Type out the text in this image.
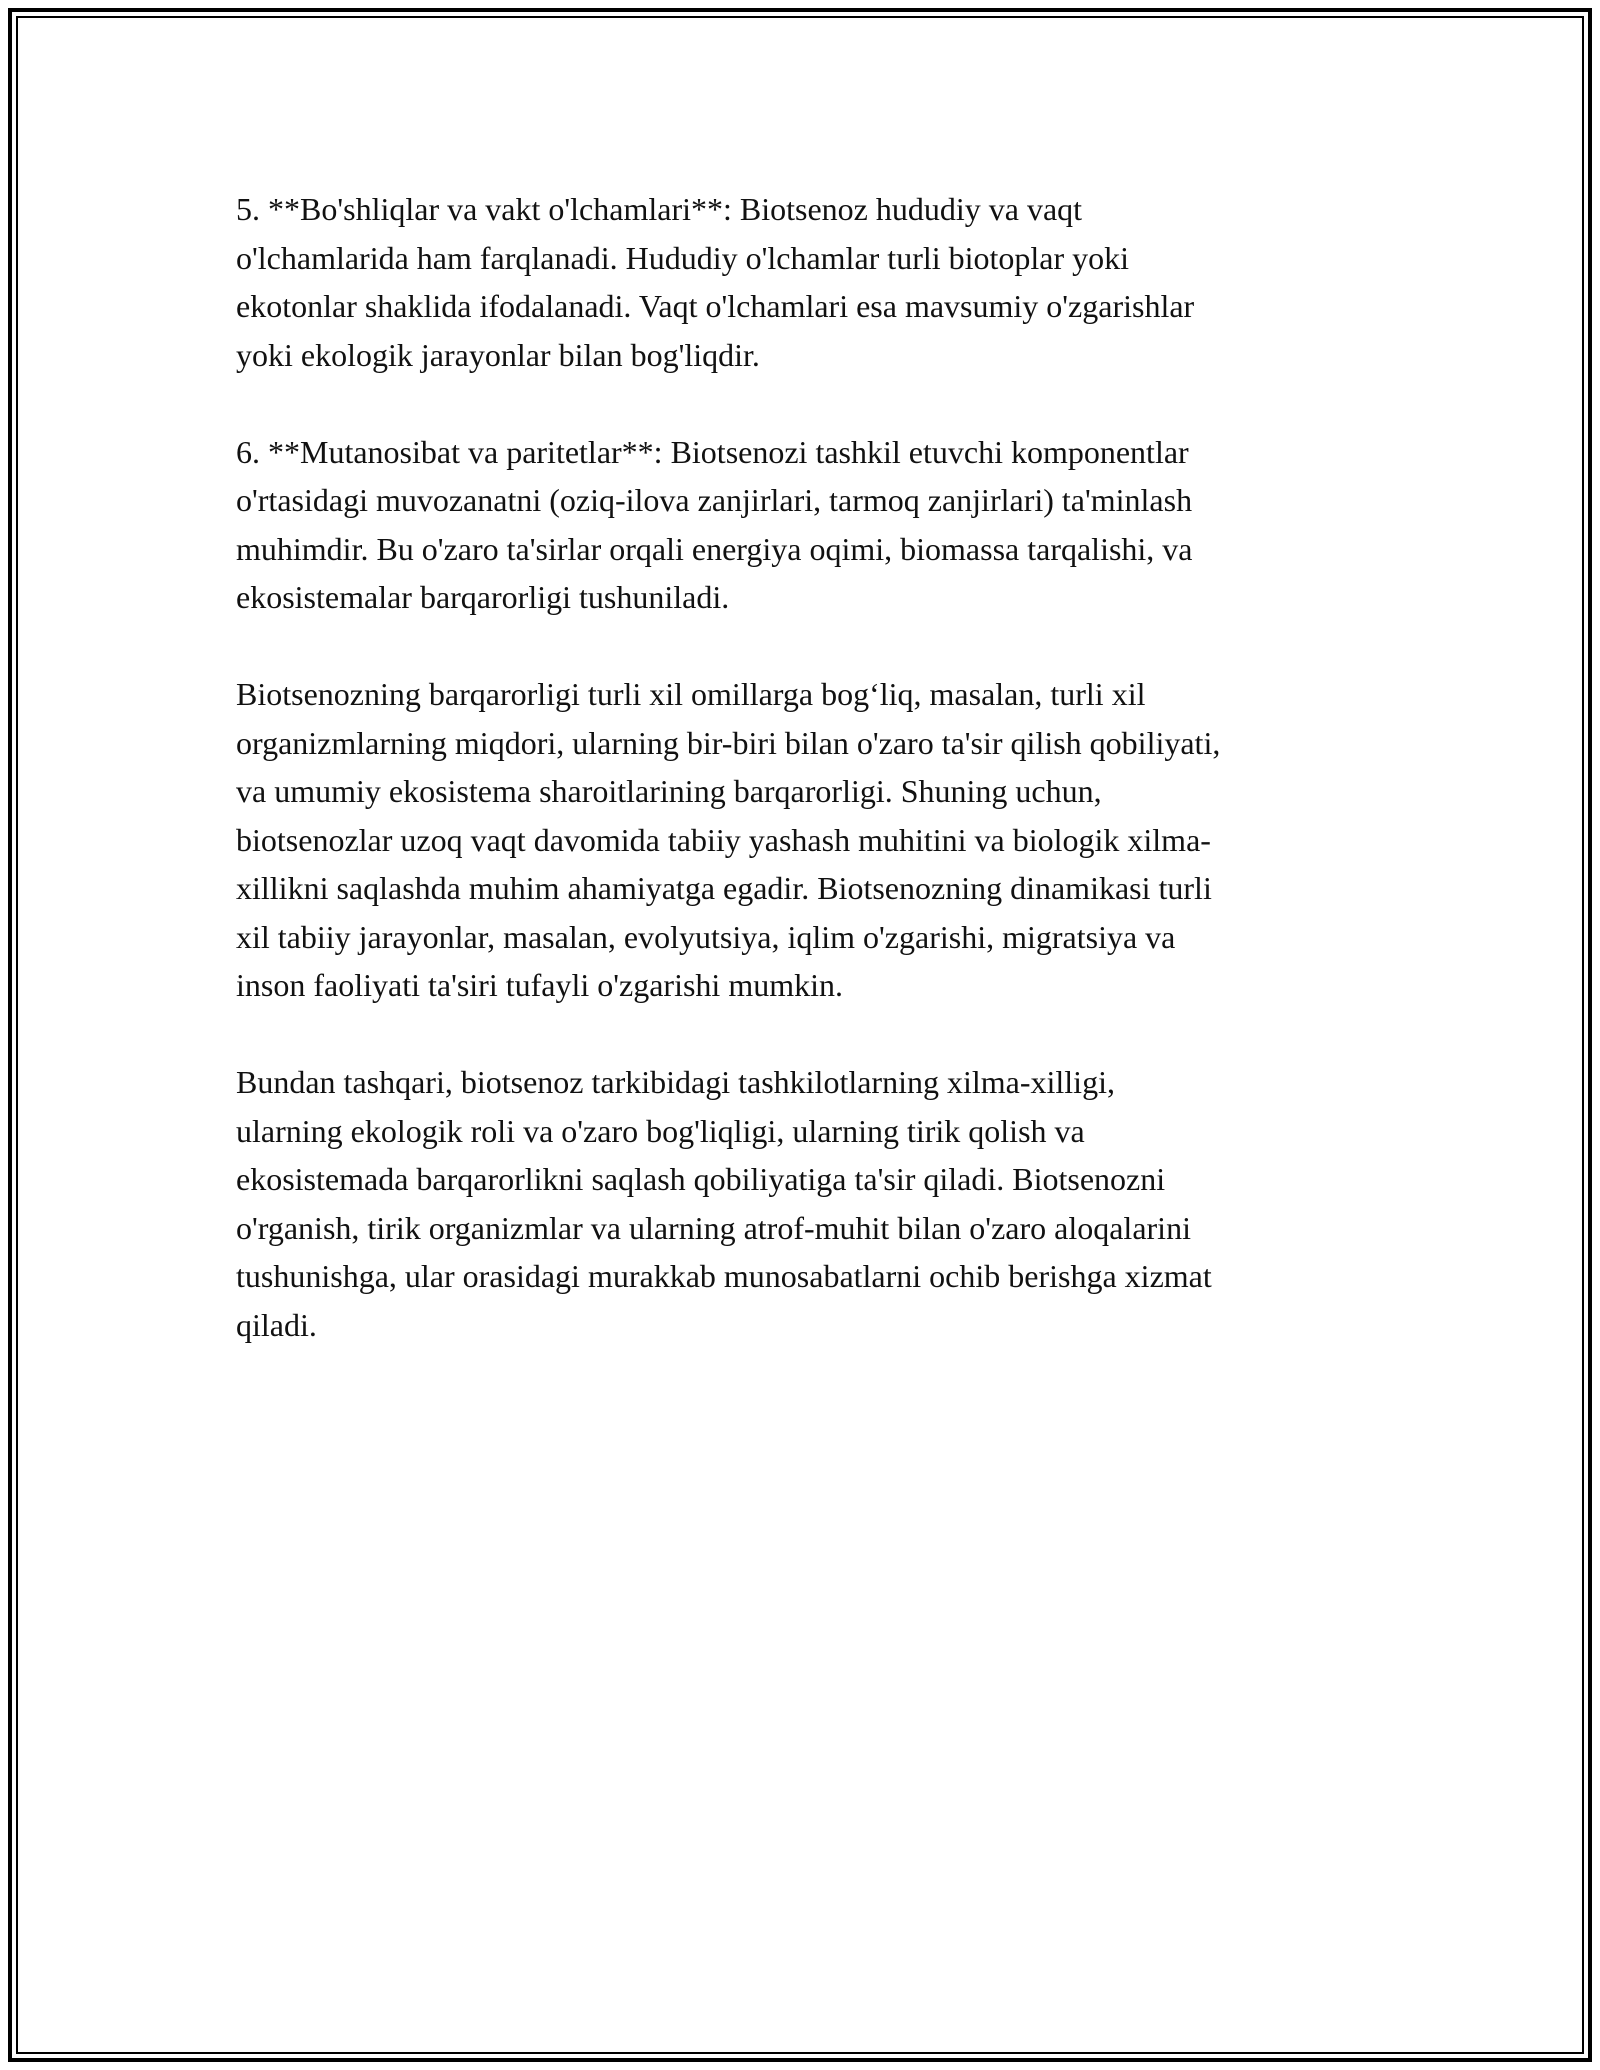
5. **Bo'shliqlar va vakt o'lchamlari**: Biotsenoz hududiy va vaqt
o'lchamlarida ham farqlanadi. Hududiy o'lchamlar turli biotoplar yoki
ekotonlar shaklida ifodalanadi. Vaqt o'lchamlari esa mavsumiy o'zgarishlar
yoki ekologik jarayonlar bilan bog'liqdir.

6. **Mutanosibat va paritetlar**: Biotsenozi tashkil etuvchi komponentlar
o'rtasidagi muvozanatni (oziq-ilova zanjirlari, tarmoq zanjirlari) ta'minlash
muhimdir. Bu o'zaro ta'sirlar orqali energiya oqimi, biomassa tarqalishi, va
ekosistemalar barqarorligi tushuniladi.

Biotsenozning barqarorligi turli xil omillarga bog‘liq, masalan, turli xil
organizmlarning miqdori, ularning bir-biri bilan o'zaro ta'sir qilish qobiliyati,
va umumiy ekosistema sharoitlarining barqarorligi. Shuning uchun,
biotsenozlar uzoq vaqt davomida tabiiy yashash muhitini va biologik xilma-
xillikni saqlashda muhim ahamiyatga egadir. Biotsenozning dinamikasi turli
xil tabiiy jarayonlar, masalan, evolyutsiya, iqlim o'zgarishi, migratsiya va
inson faoliyati ta'siri tufayli o'zgarishi mumkin.

Bundan tashqari, biotsenoz tarkibidagi tashkilotlarning xilma-xilligi,
ularning ekologik roli va o'zaro bog'liqligi, ularning tirik qolish va
ekosistemada barqarorlikni saqlash qobiliyatiga ta'sir qiladi. Biotsenozni
o'rganish, tirik organizmlar va ularning atrof-muhit bilan o'zaro aloqalarini
tushunishga, ular orasidagi murakkab munosabatlarni ochib berishga xizmat
qiladi.
